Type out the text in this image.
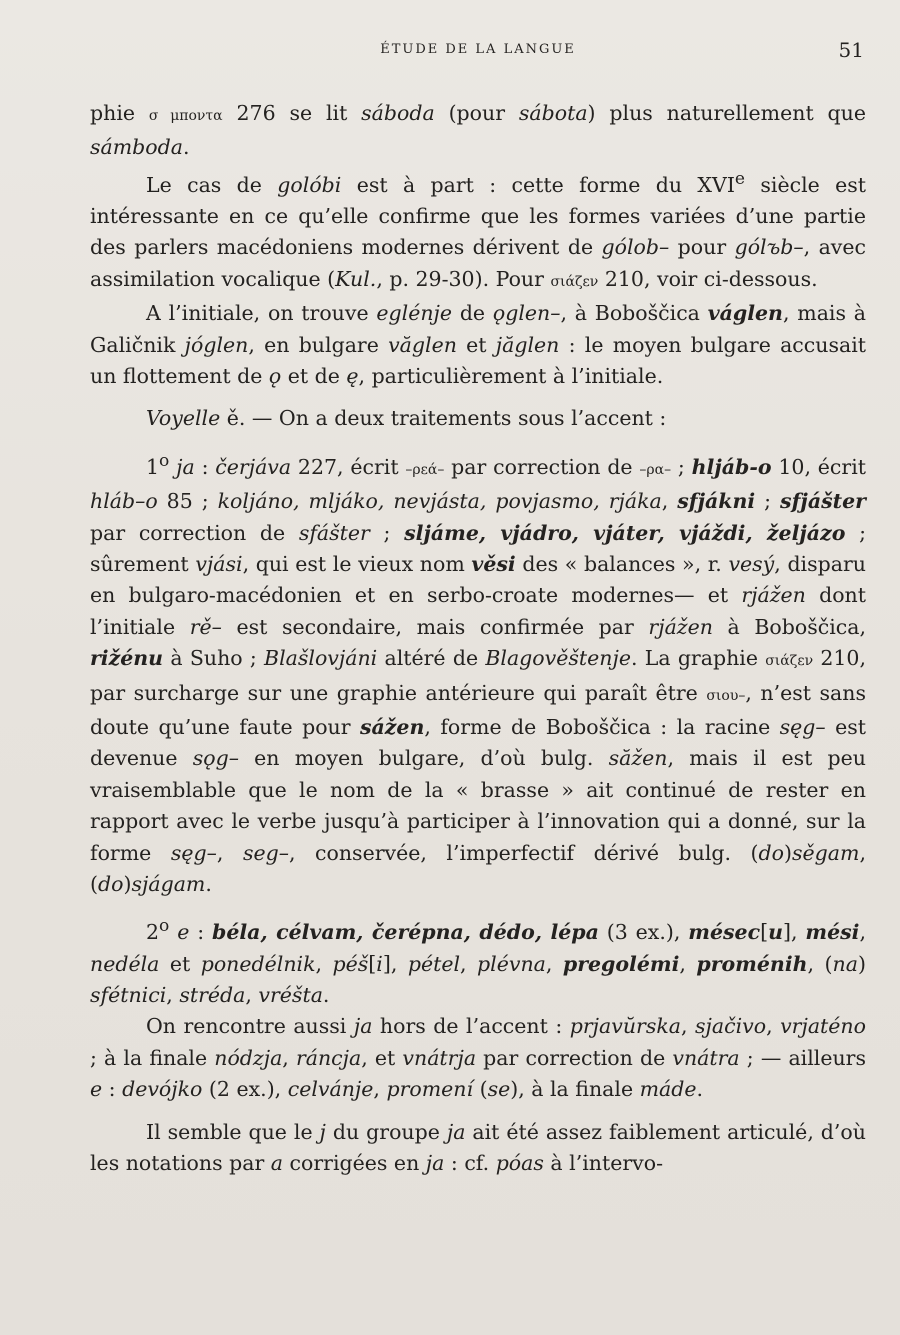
ÉTUDE DE LA LANGUE	51

phie σ μποντα 276 se lit sáboda (pour sábota) plus naturellement que sámboda.

Le cas de golóbi est à part : cette forme du XVIe siècle est intéressante en ce qu’elle confirme que les formes variées d’une partie des parlers macédoniens modernes dérivent de gólob– pour gólъb–, avec assimilation vocalique (Kul., p. 29-30). Pour σιάζεν 210, voir ci-dessous.

A l’initiale, on trouve eglénje de ǫglen–, à Boboščica váglen, mais à Galičnik jóglen, en bulgare văglen et jăglen : le moyen bulgare accusait un flottement de ǫ et de ę, particulièrement à l’initiale.

Voyelle ě. — On a deux traitements sous l’accent :

1$^o$ ja : čerjáva 227, écrit –ρεά– par correction de –ρα– ; hljáb-o 10, écrit hláb–o 85 ; koljáno, mljáko, nevjásta, povjasmo, rjáka, sfjákni ; sfjášter par correction de sfášter ; sljáme, vjádro, vjáter, vjáždi, željázo ; sûrement vjási, qui est le vieux nom věsi des « balances », r. vesý, disparu en bulgaro-macédonien et en serbo-croate modernes— et rjážen dont l’initiale rě– est secondaire, mais confirmée par rjážen à Boboščica, rižénu à Suho ; Blašlovjáni altéré de Blagověštenje. La graphie σιάζεν 210, par surcharge sur une graphie antérieure qui paraît être σιου–, n’est sans doute qu’une faute pour sážen, forme de Boboščica : la racine sęg– est devenue sǫg– en moyen bulgare, d’où bulg. săžen, mais il est peu vraisemblable que le nom de la « brasse » ait continué de rester en rapport avec le verbe jusqu’à participer à l’innovation qui a donné, sur la forme sęg–, seg–, conservée, l’imperfectif dérivé bulg. (do)sěgam, (do)sjágam.

2$^o$ e : béla, célvam, čerépna, dédo, lépa (3 ex.), mésec[u], mési, nedéla et ponedélnik, péš[i], pétel, plévna, pregolémi, proménih, (na) sfétnici, stréda, vréšta.

On rencontre aussi ja hors de l’accent : prjavŭrska, sjačivo, vrjaténo ; à la finale nódzja, ráncja, et vnátrja par correction de vnátra ; — ailleurs e : devójko (2 ex.), celvánje, promení (se), à la finale máde.

Il semble que le j du groupe ja ait été assez faiblement articulé, d’où les notations par a corrigées en ja : cf. póas à l’intervo-
